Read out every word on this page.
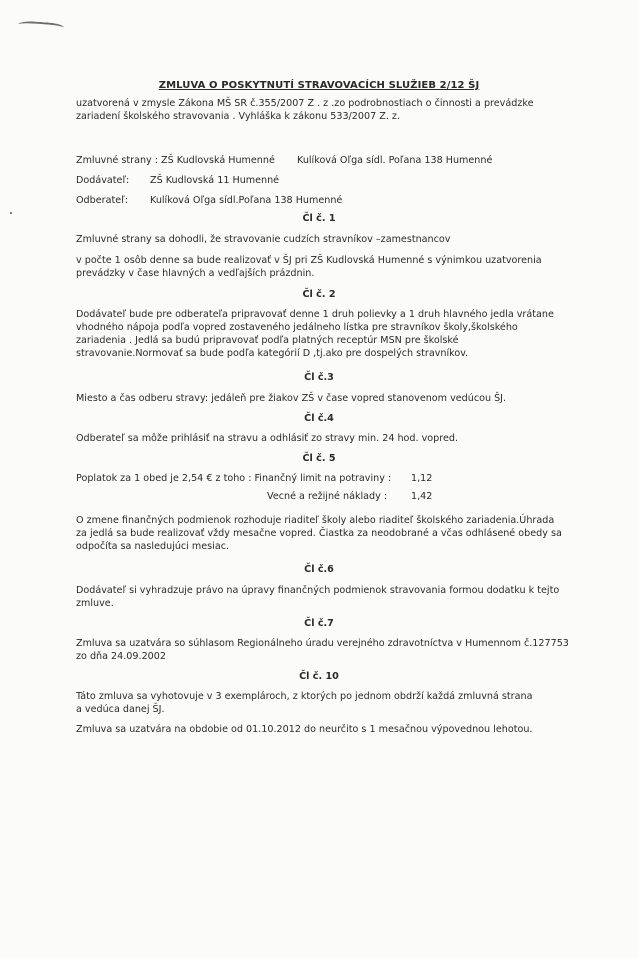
ZMLUVA O POSKYTNUTÍ STRAVOVACÍCH SLUŽIEB 2/12 ŠJ
uzatvorená v zmysle Zákona MŠ SR č.355/2007 Z . z .zo podrobnostiach o činnosti a prevádzke
zariadení školského stravovania . Vyhláška k zákonu 533/2007 Z. z.
Zmluvné strany : ZŠ Kudlovská Humenné Kulíková Oľga sídl. Poľana 138 Humenné
Dodávateľ: ZŠ Kudlovská 11 Humenné
Odberateľ: Kulíková Oľga sídl.Poľana 138 Humenné
Čl č. 1
Zmluvné strany sa dohodli, že stravovanie cudzích stravníkov –zamestnancov
v počte 1 osôb denne sa bude realizovať v ŠJ pri ZŠ Kudlovská Humenné s výnimkou uzatvorenia
prevádzky v čase hlavných a vedľajších prázdnin.
Čl č. 2
Dodávateľ bude pre odberateľa pripravovať denne 1 druh polievky a 1 druh hlavného jedla vrátane
vhodného nápoja podľa vopred zostaveného jedálneho lístka pre stravníkov školy,školského
zariadenia . Jedlá sa budú pripravovať podľa platných receptúr MSN pre školské
stravovanie.Normovať sa bude podľa kategórií D ,tj.ako pre dospelých stravníkov.
Čl č.3
Miesto a čas odberu stravy: jedáleň pre žiakov ZŠ v čase vopred stanovenom vedúcou ŠJ.
Čl č.4
Odberateľ sa môže prihlásiť na stravu a odhlásiť zo stravy min. 24 hod. vopred.
Čl č. 5
Poplatok za 1 obed je 2,54 € z toho : Finančný limit na potraviny : 1,12
Vecné a režijné náklady : 1,42
O zmene finančných podmienok rozhoduje riaditeľ školy alebo riaditeľ školského zariadenia.Úhrada
za jedlá sa bude realizovať vždy mesačne vopred. Čiastka za neodobrané a včas odhlásené obedy sa
odpočíta sa nasledujúci mesiac.
Čl č.6
Dodávateľ si vyhradzuje právo na úpravy finančných podmienok stravovania formou dodatku k tejto
zmluve.
Čl č.7
Zmluva sa uzatvára so súhlasom Regionálneho úradu verejného zdravotníctva v Humennom č.127753
zo dňa 24.09.2002
Čl č. 10
Táto zmluva sa vyhotovuje v 3 exemplároch, z ktorých po jednom obdrží každá zmluvná strana
a vedúca danej ŠJ.
Zmluva sa uzatvára na obdobie od 01.10.2012 do neurčito s 1 mesačnou výpovednou lehotou.
